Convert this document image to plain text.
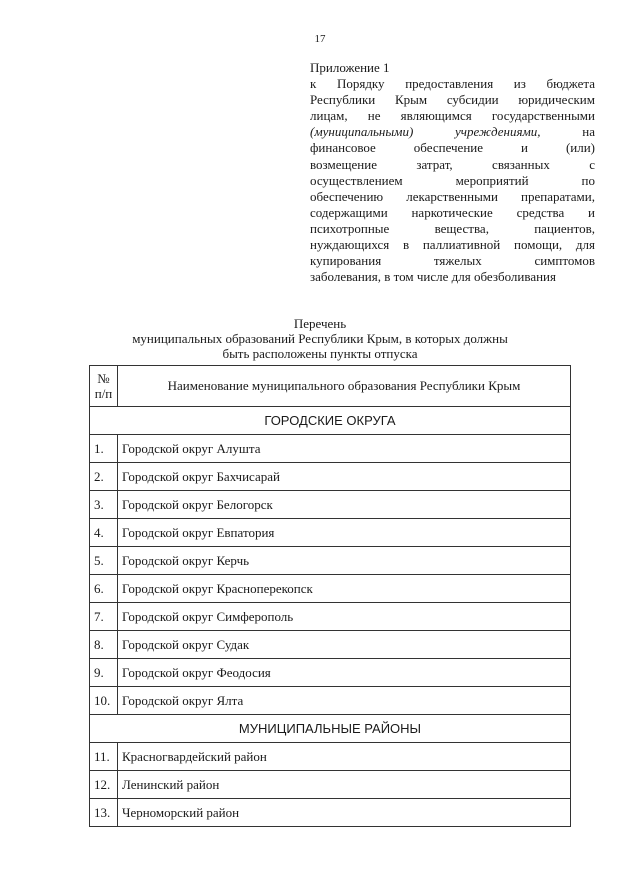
17

Приложение 1
к Порядку предоставления из бюджета
Республики Крым субсидии юридическим
лицам, не являющимся государственными
(муниципальными) учреждениями, на
финансовое обеспечение и (или)
возмещение затрат, связанных с
осуществлением мероприятий по
обеспечению лекарственными препаратами,
содержащими наркотические средства и
психотропные вещества, пациентов,
нуждающихся в паллиативной помощи, для
купирования тяжелых симптомов
заболевания, в том числе для обезболивания
Перечень
муниципальных образований Республики Крым, в которых должны
быть расположены пункты отпуска
№
п/п	Наименование муниципального образования Республики Крым
ГОРОДСКИЕ ОКРУГА	
1.	Городской округ Алушта
2.	Городской округ Бахчисарай
3.	Городской округ Белогорск
4.	Городской округ Евпатория
5.	Городской округ Керчь
6.	Городской округ Красноперекопск
7.	Городской округ Симферополь
8.	Городской округ Судак
9.	Городской округ Феодосия
10.	Городской округ Ялта
МУНИЦИПАЛЬНЫЕ РАЙОНЫ	
11.	Красногвардейский район
12.	Ленинский район
13.	Черноморский район
